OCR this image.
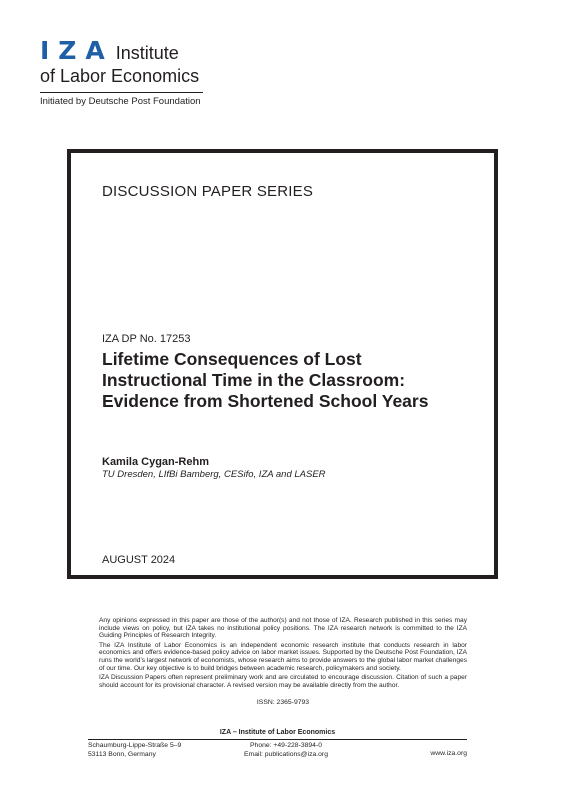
IZA Institute
of Labor Economics
Initiated by Deutsche Post Foundation
DISCUSSION PAPER SERIES
IZA DP No. 17253
Lifetime Consequences of Lost
Instructional Time in the Classroom:
Evidence from Shortened School Years
Kamila Cygan-Rehm
TU Dresden, LIfBi Bamberg, CESifo, IZA and LASER
AUGUST 2024

Any opinions expressed in this paper are those of the author(s) and not those of IZA. Research published in this series may include views on policy, but IZA takes no institutional policy positions. The IZA research network is committed to the IZA Guiding Principles of Research Integrity.

The IZA Institute of Labor Economics is an independent economic research institute that conducts research in labor economics and offers evidence-based policy advice on labor market issues. Supported by the Deutsche Post Foundation, IZA runs the world’s largest network of economists, whose research aims to provide answers to the global labor market challenges of our time. Our key objective is to build bridges between academic research, policymakers and society.

IZA Discussion Papers often represent preliminary work and are circulated to encourage discussion. Citation of such a paper should account for its provisional character. A revised version may be available directly from the author.

ISSN: 2365-9793
IZA – Institute of Labor Economics
Schaumburg-Lippe-Straße 5–9
53113 Bonn, Germany
Phone: +49-228-3894-0
Email: publications@iza.org	www.iza.org
